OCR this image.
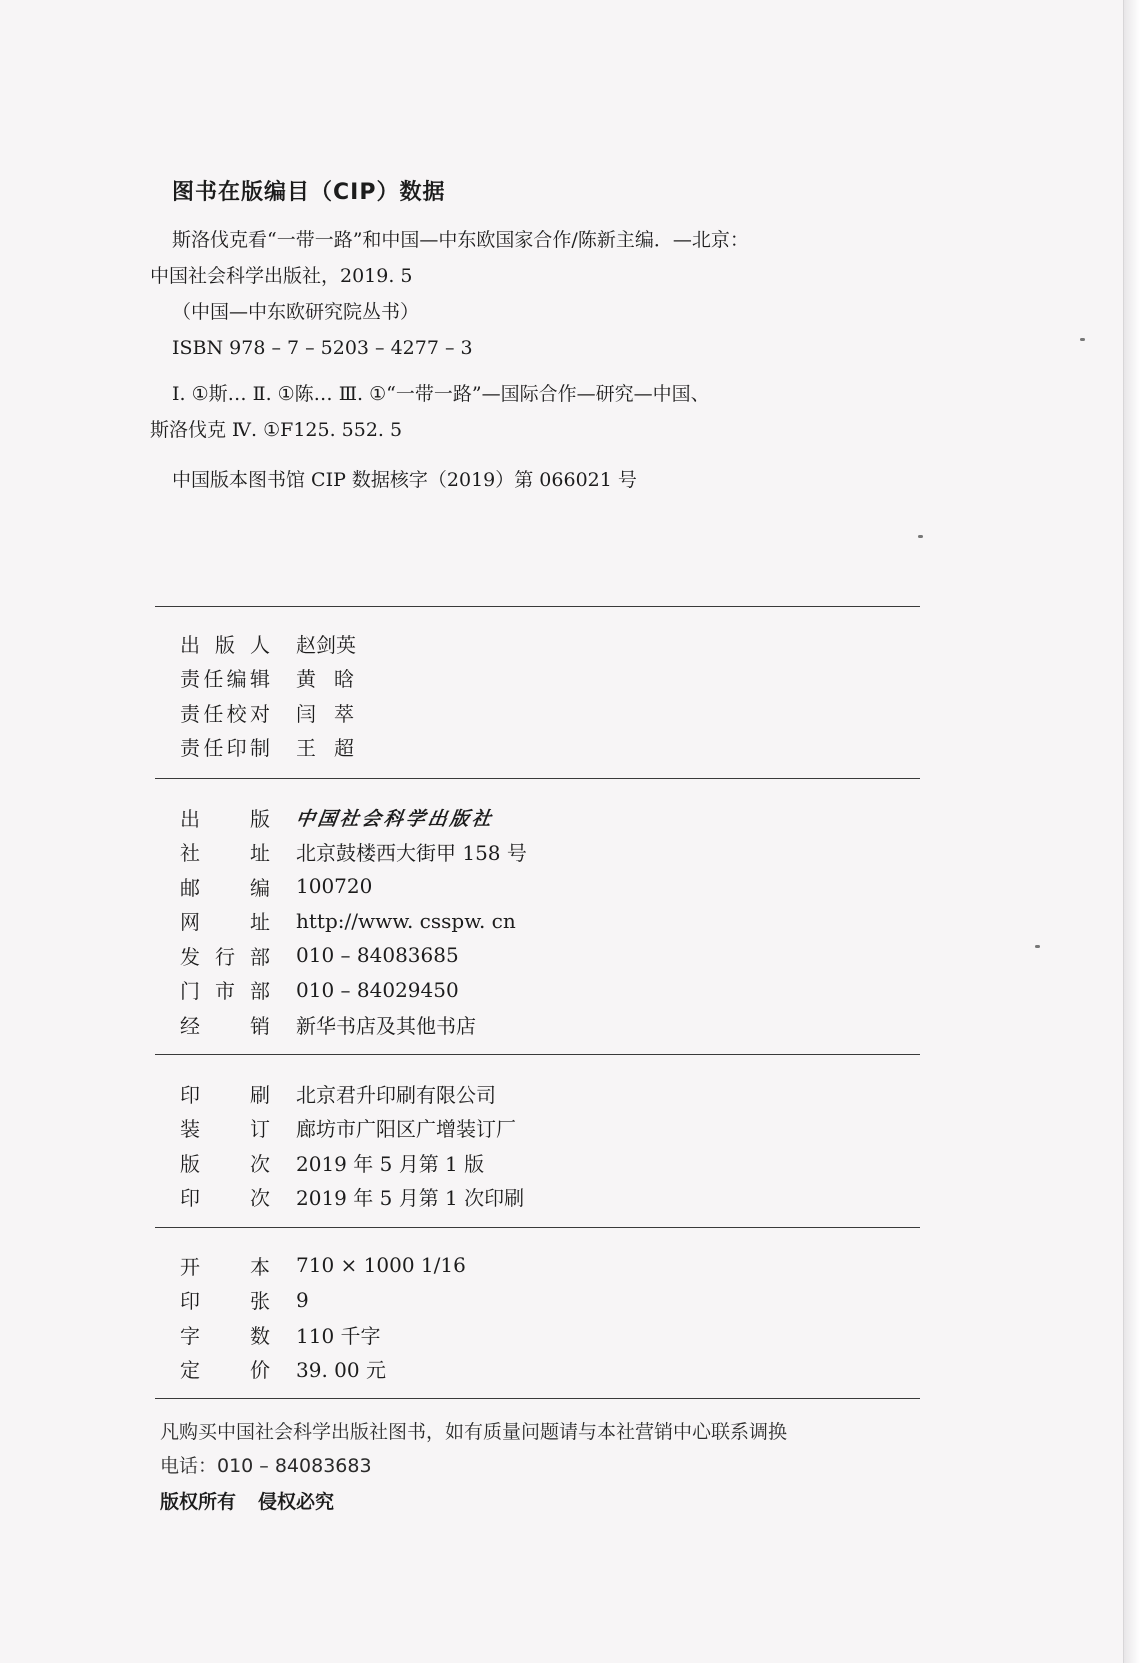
图书在版编目（CIP）数据
斯洛伐克看“一带一路”和中国—中东欧国家合作/陈新主编．—北京：
中国社会科学出版社，2019. 5
（中国—中东欧研究院丛书）
ISBN 978 – 7 – 5203 – 4277 – 3
Ⅰ. ①斯… Ⅱ. ①陈… Ⅲ. ①“一带一路”—国际合作—研究—中国、
斯洛伐克 Ⅳ. ①F125. 552. 5
中国版本图书馆 CIP 数据核字（2019）第 066021 号
出 版 人 赵剑英
责 任 编 辑 黄晗
责 任 校 对 闫萃
责 任 印 制 王超
出	版 中国社会科学出版社
社	址 北京鼓楼西大街甲 158 号
邮	编 100720
网	址 http://www. csspw. cn
发 行 部 010 – 84083685
门 市 部 010 – 84029450
经	销 新华书店及其他书店
印	刷 北京君升印刷有限公司
装	订 廊坊市广阳区广增装订厂
版	次 2019 年 5 月第 1 版
印	次 2019 年 5 月第 1 次印刷
开	本 710 × 1000 1/16
印	张 9
字	数 110 千字
定	价 39. 00 元
凡购买中国社会科学出版社图书，如有质量问题请与本社营销中心联系调换
电话：010 – 84083683
版权所有 侵权必究
